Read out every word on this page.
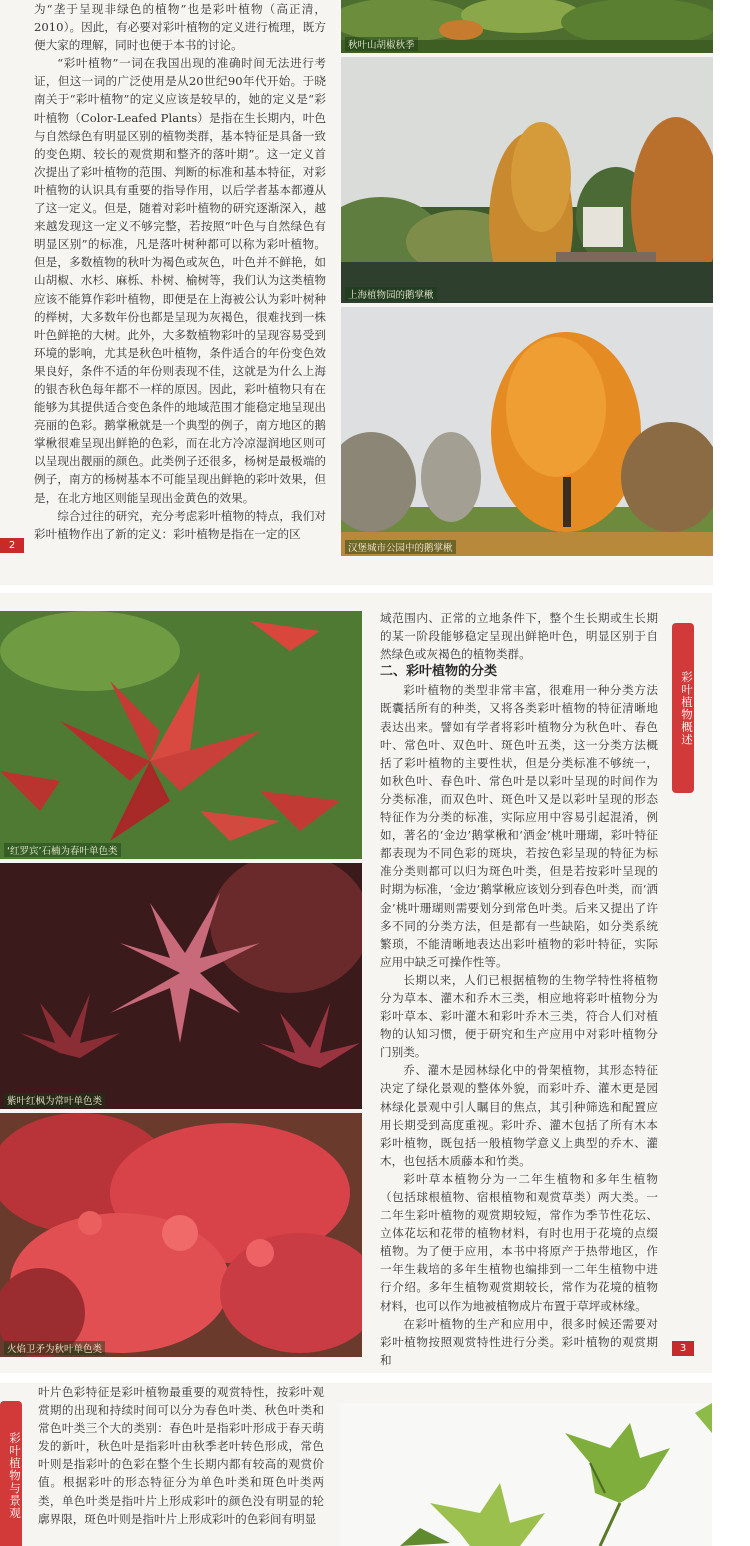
为“垄于呈现非绿色的植物”也是彩叶植物（高正清，2010）。因此，有必要对彩叶植物的定义进行梳理，既方便大家的理解，同时也便于本书的讨论。

“彩叶植物”一词在我国出现的准确时间无法进行考证，但这一词的广泛使用是从20世纪90年代开始。于晓南关于“彩叶植物”的定义应该是较早的，她的定义是“彩叶植物（Color-Leafed Plants）是指在生长期内，叶色与自然绿色有明显区别的植物类群，基本特征是具备一致的变色期、较长的观赏期和整齐的落叶期”。这一定义首次提出了彩叶植物的范围、判断的标准和基本特征，对彩叶植物的认识具有重要的指导作用，以后学者基本都遵从了这一定义。但是，随着对彩叶植物的研究逐渐深入，越来越发现这一定义不够完整，若按照“叶色与自然绿色有明显区别”的标准，凡是落叶树种都可以称为彩叶植物。但是，多数植物的秋叶为褐色或灰色，叶色并不鲜艳，如山胡椒、水杉、麻栎、朴树、榆树等，我们认为这类植物应该不能算作彩叶植物，即便是在上海被公认为彩叶树种的榉树，大多数年份也都是呈现为灰褐色，很难找到一株叶色鲜艳的大树。此外，大多数植物彩叶的呈现容易受到环境的影响，尤其是秋色叶植物，条件适合的年份变色效果良好，条件不适的年份则表现不佳，这就是为什么上海的银杏秋色每年都不一样的原因。因此，彩叶植物只有在能够为其提供适合变色条件的地域范围才能稳定地呈现出亮丽的色彩。鹅掌楸就是一个典型的例子，南方地区的鹅掌楸很难呈现出鲜艳的色彩，而在北方冷凉湿润地区则可以呈现出靓丽的颜色。此类例子还很多，杨树是最极端的例子，南方的杨树基本不可能呈现出鲜艳的彩叶效果，但是，在北方地区则能呈现出金黄色的效果。

综合过往的研究，充分考虑彩叶植物的特点，我们对彩叶植物作出了新的定义：彩叶植物是指在一定的区

2
秋叶山胡椒秋季
上海植物园的鹅掌楸
汉堡城市公园中的鹅掌楸
‘红罗宾’石楠为春叶单色类
紫叶红枫为常叶单色类
火焰卫矛为秋叶单色类

域范围内、正常的立地条件下，整个生长期或生长期的某一阶段能够稳定呈现出鲜艳叶色，明显区别于自然绿色或灰褐色的植物类群。

二、彩叶植物的分类

彩叶植物的类型非常丰富，很难用一种分类方法既囊括所有的种类，又将各类彩叶植物的特征清晰地表达出来。譬如有学者将彩叶植物分为秋色叶、春色叶、常色叶、双色叶、斑色叶五类，这一分类方法概括了彩叶植物的主要性状，但是分类标准不够统一，如秋色叶、春色叶、常色叶是以彩叶呈现的时间作为分类标准，而双色叶、斑色叶又是以彩叶呈现的形态特征作为分类的标准，实际应用中容易引起混淆，例如，著名的‘金边’鹅掌楸和‘洒金’桃叶珊瑚，彩叶特征都表现为不同色彩的斑块，若按色彩呈现的特征为标准分类则都可以归为斑色叶类，但是若按彩叶呈现的时期为标准，‘金边’鹅掌楸应该划分到春色叶类，而‘洒金’桃叶珊瑚则需要划分到常色叶类。后来又提出了许多不同的分类方法，但是都有一些缺陷，如分类系统繁琐，不能清晰地表达出彩叶植物的彩叶特征，实际应用中缺乏可操作性等。

长期以来，人们已根据植物的生物学特性将植物分为草本、灌木和乔木三类，相应地将彩叶植物分为彩叶草本、彩叶灌木和彩叶乔木三类，符合人们对植物的认知习惯，便于研究和生产应用中对彩叶植物分门别类。

乔、灌木是园林绿化中的骨架植物，其形态特征决定了绿化景观的整体外貌，而彩叶乔、灌木更是园林绿化景观中引人瞩目的焦点，其引种筛选和配置应用长期受到高度重视。彩叶乔、灌木包括了所有木本彩叶植物，既包括一般植物学意义上典型的乔木、灌木，也包括木质藤本和竹类。

彩叶草本植物分为一二年生植物和多年生植物（包括球根植物、宿根植物和观赏草类）两大类。一二年生彩叶植物的观赏期较短，常作为季节性花坛、立体花坛和花带的植物材料，有时也用于花境的点缀植物。为了便于应用，本书中将原产于热带地区，作一年生栽培的多年生植物也编排到一二年生植物中进行介绍。多年生植物观赏期较长，常作为花境的植物材料，也可以作为地被植物成片布置于草坪或林缘。

在彩叶植物的生产和应用中，很多时候还需要对彩叶植物按照观赏特性进行分类。彩叶植物的观赏期和

彩叶植物概述
3
彩叶植物与景观

叶片色彩特征是彩叶植物最重要的观赏特性，按彩叶观赏期的出现和持续时间可以分为春色叶类、秋色叶类和常色叶类三个大的类别：春色叶是指彩叶形成于春天萌发的新叶，秋色叶是指彩叶由秋季老叶转色形成，常色叶则是指彩叶的色彩在整个生长期内都有较高的观赏价值。根据彩叶的形态特征分为单色叶类和斑色叶类两类，单色叶类是指叶片上形成彩叶的颜色没有明显的轮廓界限，斑色叶则是指叶片上形成彩叶的色彩间有明显
